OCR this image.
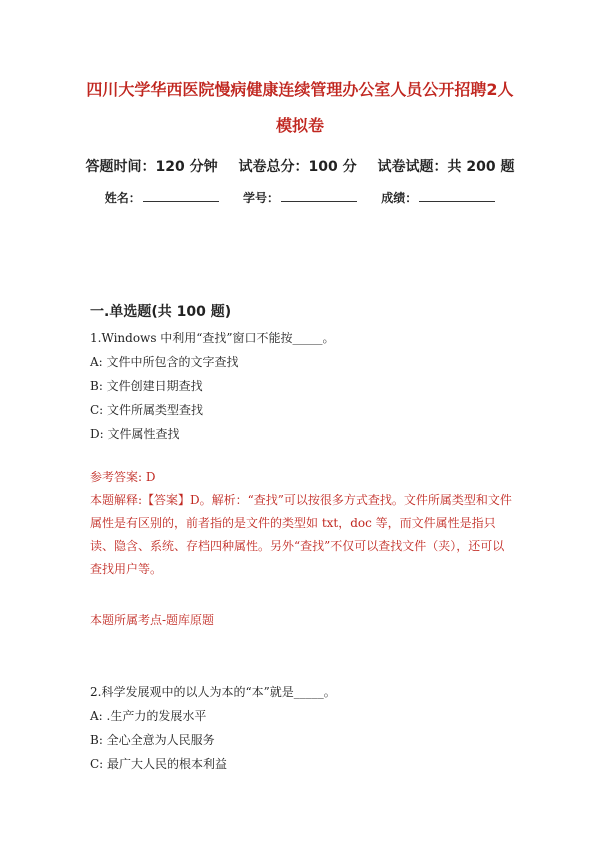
四川大学华西医院慢病健康连续管理办公室人员公开招聘2人模拟卷
答题时间：120 分钟 试卷总分：100 分 试卷试题：共 200 题
姓名：	学号：	成绩：
一.单选题(共 100 题)
1.Windows 中利用“查找”窗口不能按_____。
A: 文件中所包含的文字查找
B: 文件创建日期查找
C: 文件所属类型查找
D: 文件属性查找
参考答案: D
本题解释:【答案】D。解析：“查找”可以按很多方式查找。文件所属类型和文件属性是有区别的，前者指的是文件的类型如 txt，doc 等，而文件属性是指只读、隐含、系统、存档四种属性。另外“查找”不仅可以查找文件（夹），还可以查找用户等。
本题所属考点-题库原题
2.科学发展观中的以人为本的“本”就是_____。
A: .生产力的发展水平
B: 全心全意为人民服务
C: 最广大人民的根本利益
